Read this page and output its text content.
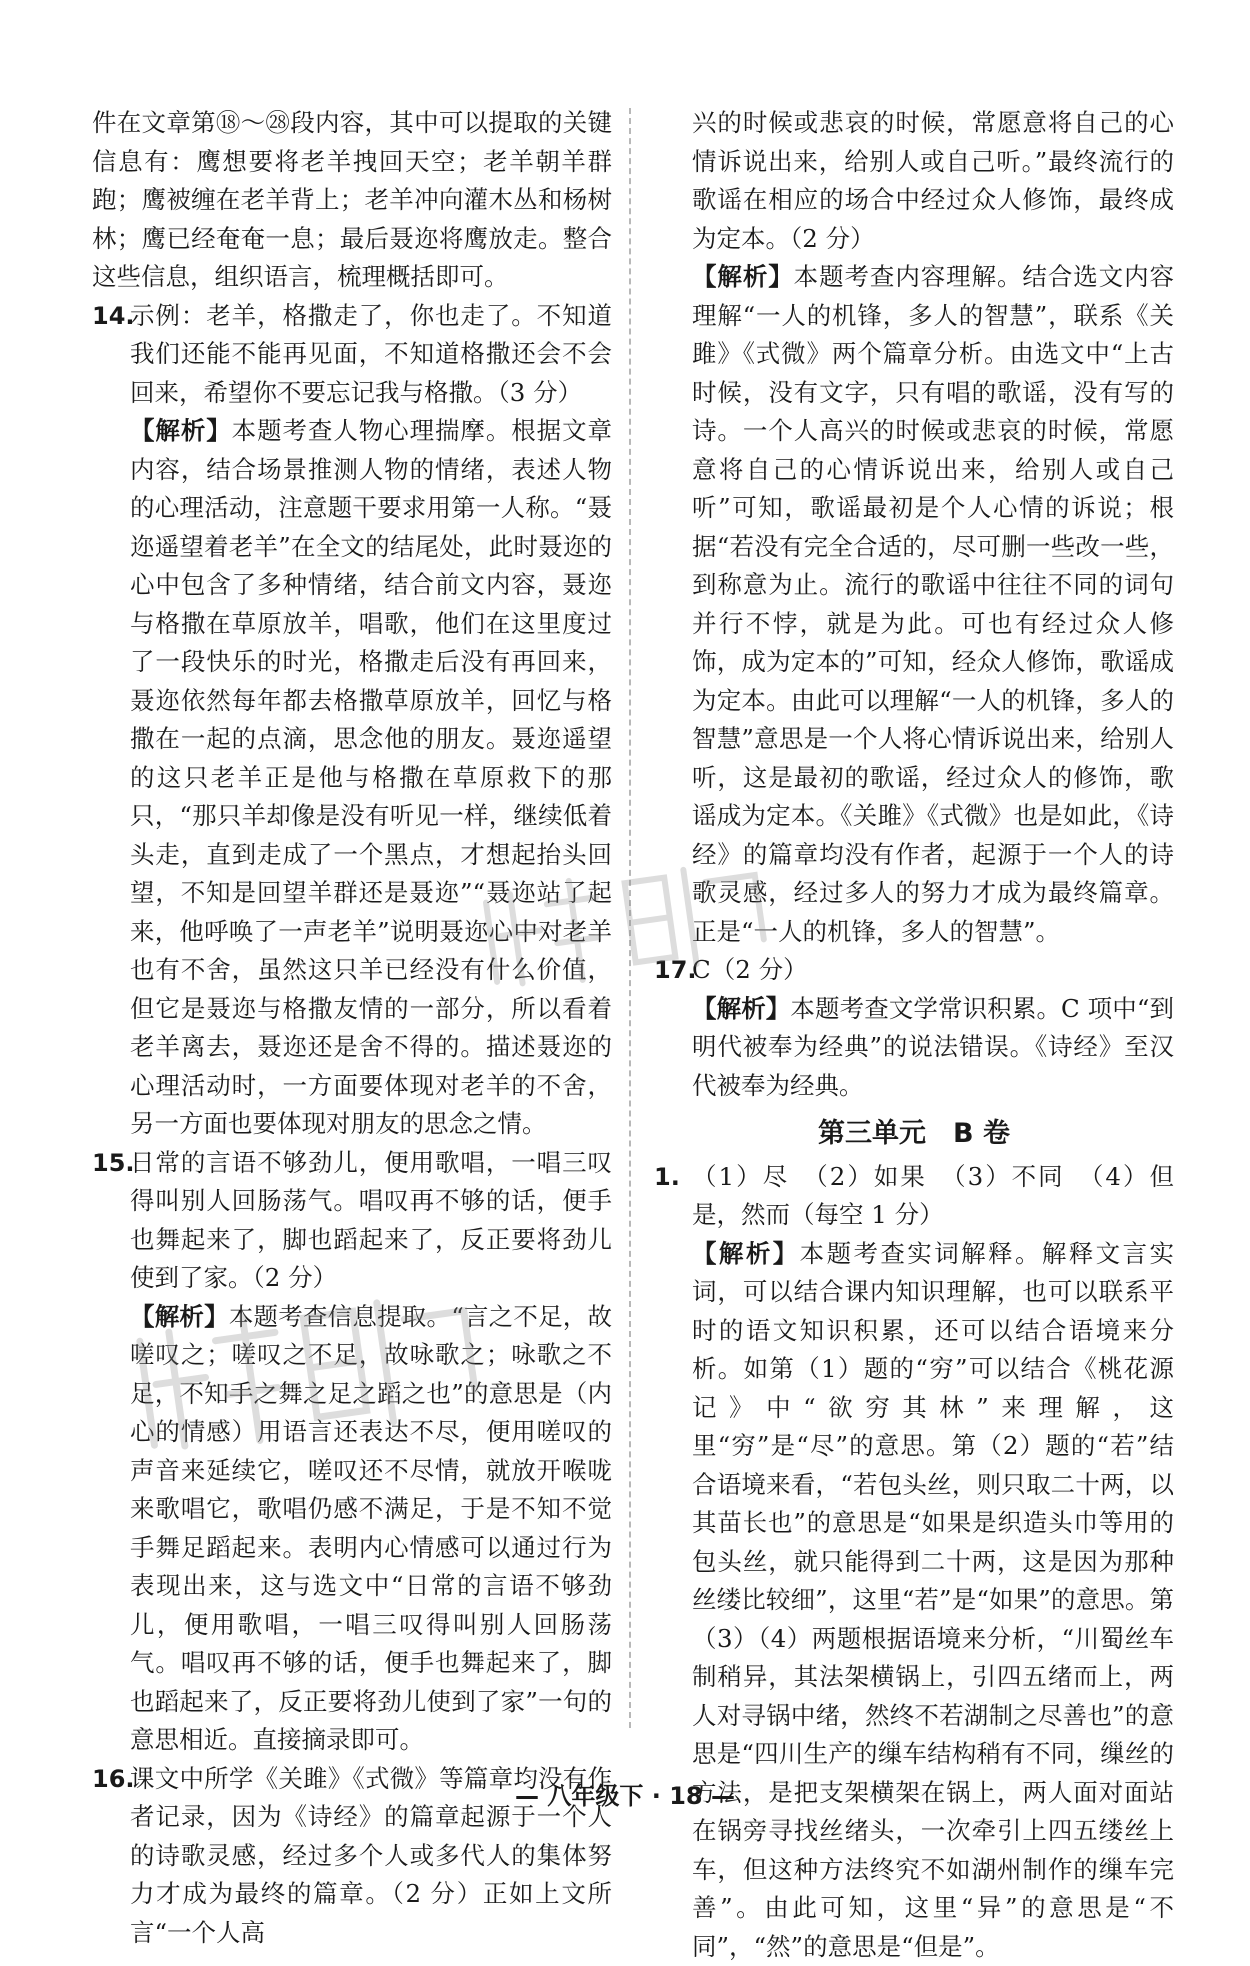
件在文章第⑱～㉘段内容，其中可以提取的关键信息有：鹰想要将老羊拽回天空；老羊朝羊群跑；鹰被缠在老羊背上；老羊冲向灌木丛和杨树林；鹰已经奄奄一息；最后聂迩将鹰放走。整合这些信息，组织语言，梳理概括即可。

14.

示例：老羊，格撒走了，你也走了。不知道我们还能不能再见面，不知道格撒还会不会回来，希望你不要忘记我与格撒。（3 分）

【解析】本题考查人物心理揣摩。根据文章内容，结合场景推测人物的情绪，表述人物的心理活动，注意题干要求用第一人称。“聂迩遥望着老羊”在全文的结尾处，此时聂迩的心中包含了多种情绪，结合前文内容，聂迩与格撒在草原放羊，唱歌，他们在这里度过了一段快乐的时光，格撒走后没有再回来，聂迩依然每年都去格撒草原放羊，回忆与格撒在一起的点滴，思念他的朋友。聂迩遥望的这只老羊正是他与格撒在草原救下的那只，“那只羊却像是没有听见一样，继续低着头走，直到走成了一个黑点，才想起抬头回望，不知是回望羊群还是聂迩”“聂迩站了起来，他呼唤了一声老羊”说明聂迩心中对老羊也有不舍，虽然这只羊已经没有什么价值，但它是聂迩与格撒友情的一部分，所以看着老羊离去，聂迩还是舍不得的。描述聂迩的心理活动时，一方面要体现对老羊的不舍，另一方面也要体现对朋友的思念之情。

15.

日常的言语不够劲儿，便用歌唱，一唱三叹得叫别人回肠荡气。唱叹再不够的话，便手也舞起来了，脚也蹈起来了，反正要将劲儿使到了家。（2 分）

【解析】本题考查信息提取。“言之不足，故嗟叹之；嗟叹之不足，故咏歌之；咏歌之不足，不知手之舞之足之蹈之也”的意思是（内心的情感）用语言还表达不尽，便用嗟叹的声音来延续它，嗟叹还不尽情，就放开喉咙来歌唱它，歌唱仍感不满足，于是不知不觉手舞足蹈起来。表明内心情感可以通过行为表现出来，这与选文中“日常的言语不够劲儿，便用歌唱，一唱三叹得叫别人回肠荡气。唱叹再不够的话，便手也舞起来了，脚也蹈起来了，反正要将劲儿使到了家”一句的意思相近。直接摘录即可。

16.

课文中所学《关雎》《式微》等篇章均没有作者记录，因为《诗经》的篇章起源于一个人的诗歌灵感，经过多个人或多代人的集体努力才成为最终的篇章。（2 分）正如上文所言“一个人高

兴的时候或悲哀的时候，常愿意将自己的心情诉说出来，给别人或自己听。”最终流行的歌谣在相应的场合中经过众人修饰，最终成为定本。（2 分）

【解析】本题考查内容理解。结合选文内容理解“一人的机锋，多人的智慧”，联系《关雎》《式微》两个篇章分析。由选文中“上古时候，没有文字，只有唱的歌谣，没有写的诗。一个人高兴的时候或悲哀的时候，常愿意将自己的心情诉说出来，给别人或自己听”可知，歌谣最初是个人心情的诉说；根据“若没有完全合适的，尽可删一些改一些，到称意为止。流行的歌谣中往往不同的词句并行不悖，就是为此。可也有经过众人修饰，成为定本的”可知，经众人修饰，歌谣成为定本。由此可以理解“一人的机锋，多人的智慧”意思是一个人将心情诉说出来，给别人听，这是最初的歌谣，经过众人的修饰，歌谣成为定本。《关雎》《式微》也是如此，《诗经》的篇章均没有作者，起源于一个人的诗歌灵感，经过多人的努力才成为最终篇章。正是“一人的机锋，多人的智慧”。

17.

C（2 分）

【解析】本题考查文学常识积累。C 项中“到明代被奉为经典”的说法错误。《诗经》至汉代被奉为经典。

第三单元　B 卷
1. （1）尽　（2）如果　（3）不同　（4）但是，然而（每空 1 分）

【解析】本题考查实词解释。解释文言实词，可以结合课内知识理解，也可以联系平时的语文知识积累，还可以结合语境来分析。如第（1）题的“穷”可以结合《桃花源记》中“欲穷其林”来理解，这里“穷”是“尽”的意思。第（2）题的“若”结合语境来看，“若包头丝，则只取二十两，以其苗长也”的意思是“如果是织造头巾等用的包头丝，就只能得到二十两，这是因为那种丝缕比较细”，这里“若”是“如果”的意思。第（3）（4）两题根据语境来分析，“川蜀丝车制稍异，其法架横锅上，引四五绪而上，两人对寻锅中绪，然终不若湖制之尽善也”的意思是“四川生产的缫车结构稍有不同，缫丝的方法，是把支架横架在锅上，两人面对面站在锅旁寻找丝绪头，一次牵引上四五缕丝上车，但这种方法终究不如湖州制作的缫车完善”。由此可知，这里“异”的意思是“不同”，“然”的意思是“但是”。

— 八年级下 · 18 —
